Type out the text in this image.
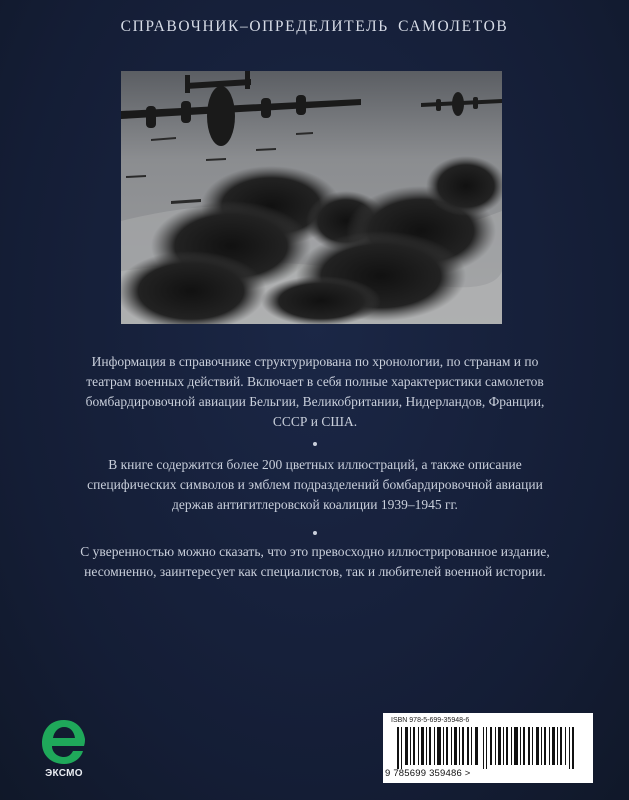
СПРАВОЧНИК–ОПРЕДЕЛИТЕЛЬ САМОЛЕТОВ
Информация в справочнике структурирована по хронологии, по странам и по театрам военных действий. Включает в себя полные характеристики самолетов бомбардировочной авиации Бельгии, Великобритании, Нидерландов, Франции, СССР и США.
В книге содержится более 200 цветных иллюстраций, а также описание специфических символов и эмблем подразделений бомбардировочной авиации держав антигитлеровской коалиции 1939–1945 гг.
С уверенностью можно сказать, что это превосходно иллюстрированное издание, несомненно, заинтересует как специалистов, так и любителей военной истории.
ЭКСМО
ISBN 978-5-699-35948-6
9 785699 359486 >
